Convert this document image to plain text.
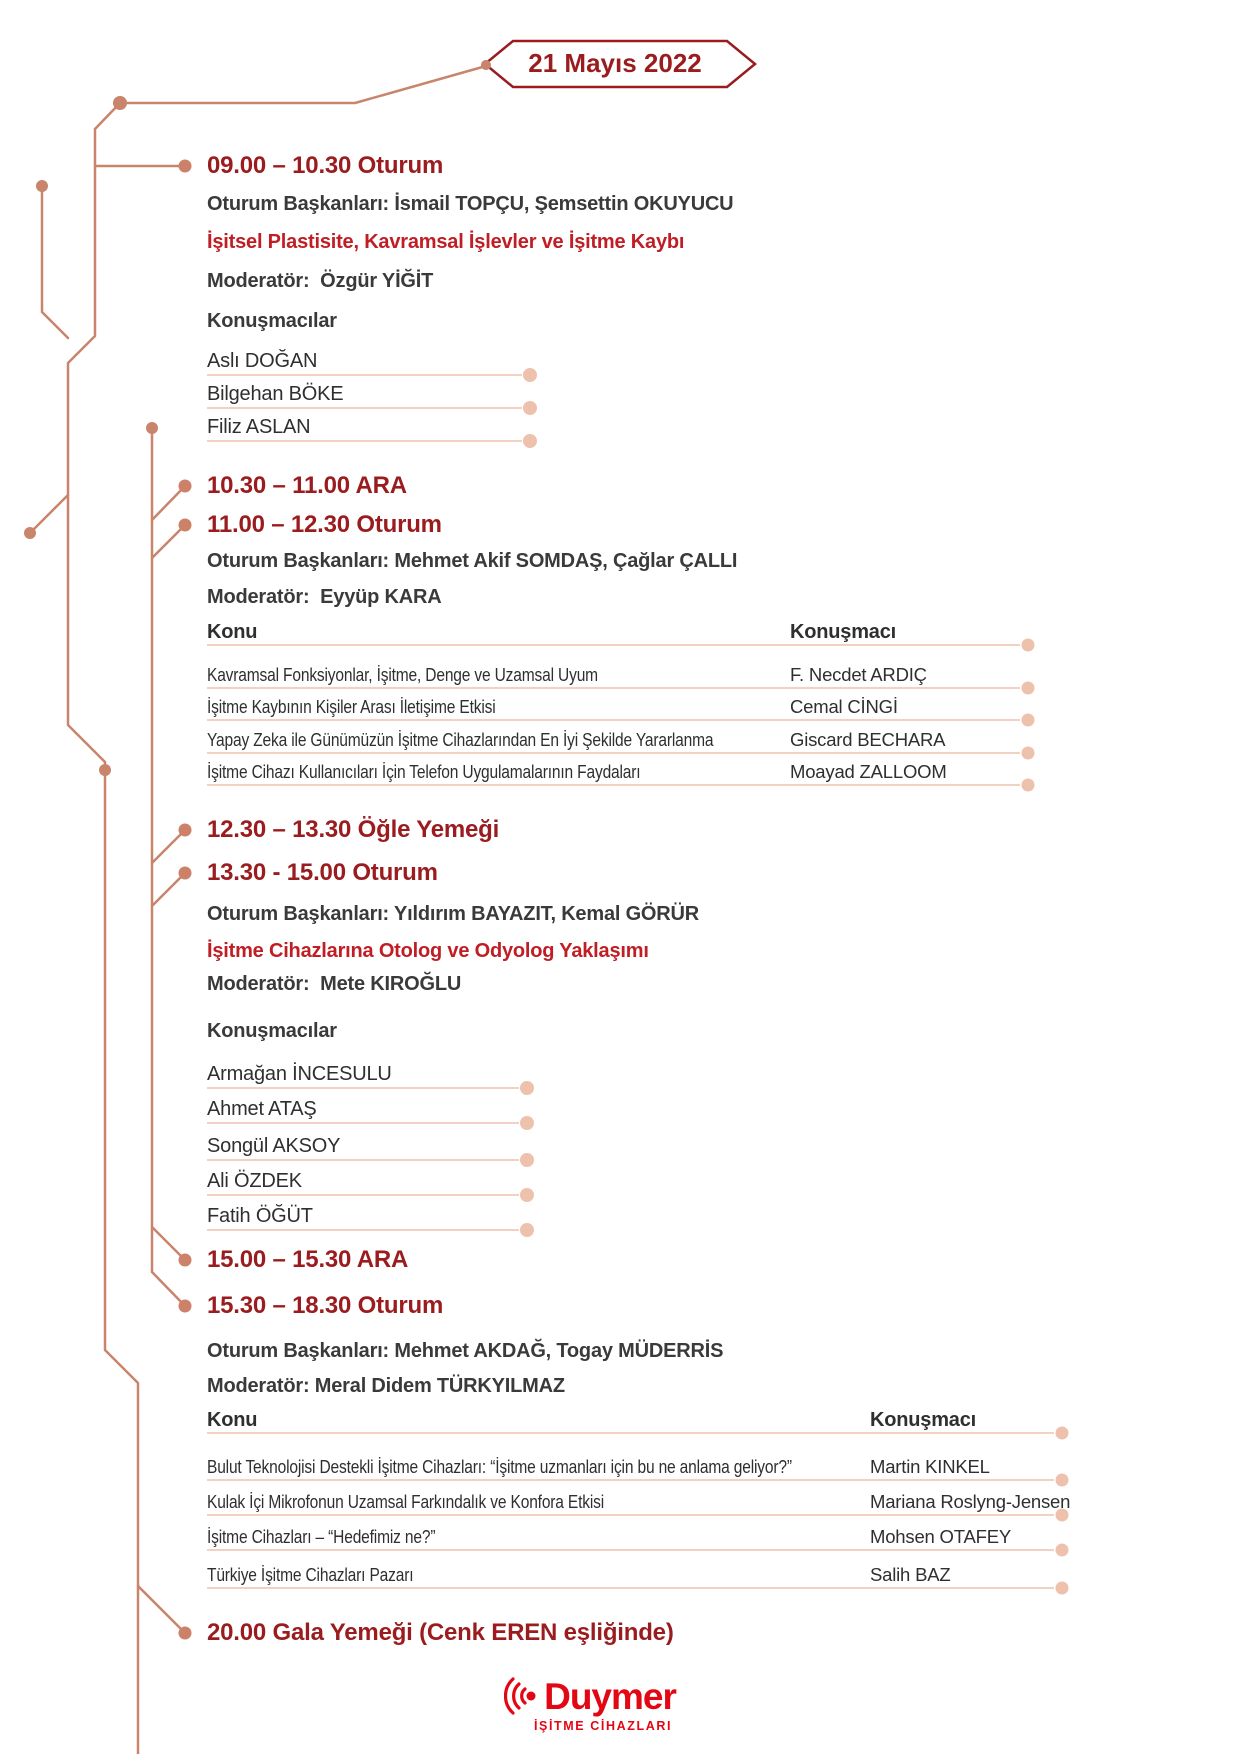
21 Mayıs 2022
09.00 – 10.30 Oturum
Oturum Başkanları: İsmail TOPÇU, Şemsettin OKUYUCU
İşitsel Plastisite, Kavramsal İşlevler ve İşitme Kaybı
Moderatör:  Özgür YİĞİT
Konuşmacılar
Aslı DOĞAN
Bilgehan BÖKE
Filiz ASLAN
10.30 – 11.00 ARA
11.00 – 12.30 Oturum
Oturum Başkanları: Mehmet Akif SOMDAŞ, Çağlar ÇALLI
Moderatör:  Eyyüp KARA
Konu	Konuşmacı
Kavramsal Fonksiyonlar, İşitme, Denge ve Uzamsal Uyum	F. Necdet ARDIÇ
İşitme Kaybının Kişiler Arası İletişime Etkisi	Cemal CİNGİ
Yapay Zeka ile Günümüzün İşitme Cihazlarından En İyi Şekilde Yararlanma	Giscard BECHARA
İşitme Cihazı Kullanıcıları İçin Telefon Uygulamalarının Faydaları	Moayad ZALLOOM
12.30 – 13.30 Öğle Yemeği
13.30 - 15.00 Oturum
Oturum Başkanları: Yıldırım BAYAZIT, Kemal GÖRÜR
İşitme Cihazlarına Otolog ve Odyolog Yaklaşımı
Moderatör:  Mete KIROĞLU
Konuşmacılar
Armağan İNCESULU
Ahmet ATAŞ
Songül AKSOY
Ali ÖZDEK
Fatih ÖĞÜT
15.00 – 15.30 ARA
15.30 – 18.30 Oturum
Oturum Başkanları: Mehmet AKDAĞ, Togay MÜDERRİS
Moderatör: Meral Didem TÜRKYILMAZ
Konu	Konuşmacı
Bulut Teknolojisi Destekli İşitme Cihazları: “İşitme uzmanları için bu ne anlama geliyor?”	Martin KINKEL
Kulak İçi Mikrofonun Uzamsal Farkındalık ve Konfora Etkisi	Mariana Roslyng-Jensen
İşitme Cihazları – “Hedefimiz ne?”	Mohsen OTAFEY
Türkiye İşitme Cihazları Pazarı	Salih BAZ
20.00 Gala Yemeği (Cenk EREN eşliğinde)
Duymer
İŞİTME CİHAZLARI
